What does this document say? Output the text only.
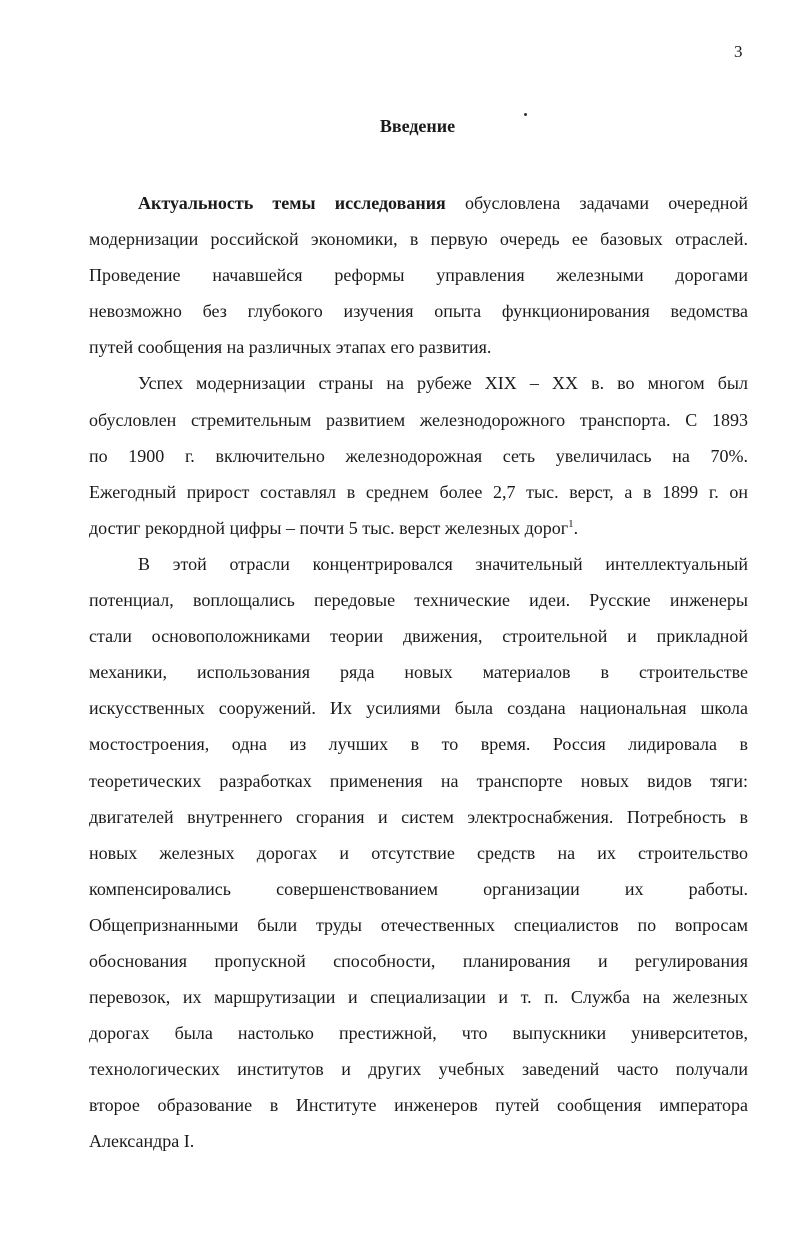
3
Введение
Актуальность темы исследования обусловлена задачами очередной
модернизации российской экономики, в первую очередь ее базовых отраслей.
Проведение начавшейся реформы управления железными дорогами
невозможно без глубокого изучения опыта функционирования ведомства
путей сообщения на различных этапах его развития.
Успех модернизации страны на рубеже XIX – XX в. во многом был
обусловлен стремительным развитием железнодорожного транспорта. С 1893
по 1900 г. включительно железнодорожная сеть увеличилась на 70%.
Ежегодный прирост составлял в среднем более 2,7 тыс. верст, а в 1899 г. он
достиг рекордной цифры – почти 5 тыс. верст железных дорог$^1$.
В этой отрасли концентрировался значительный интеллектуальный
потенциал, воплощались передовые технические идеи. Русские инженеры
стали основоположниками теории движения, строительной и прикладной
механики, использования ряда новых материалов в строительстве
искусственных сооружений. Их усилиями была создана национальная школа
мостостроения, одна из лучших в то время. Россия лидировала в
теоретических разработках применения на транспорте новых видов тяги:
двигателей внутреннего сгорания и систем электроснабжения. Потребность в
новых железных дорогах и отсутствие средств на их строительство
компенсировались совершенствованием организации их работы.
Общепризнанными были труды отечественных специалистов по вопросам
обоснования пропускной способности, планирования и регулирования
перевозок, их маршрутизации и специализации и т. п. Служба на железных
дорогах была настолько престижной, что выпускники университетов,
технологических институтов и других учебных заведений часто получали
второе образование в Институте инженеров путей сообщения императора
Александра I.
